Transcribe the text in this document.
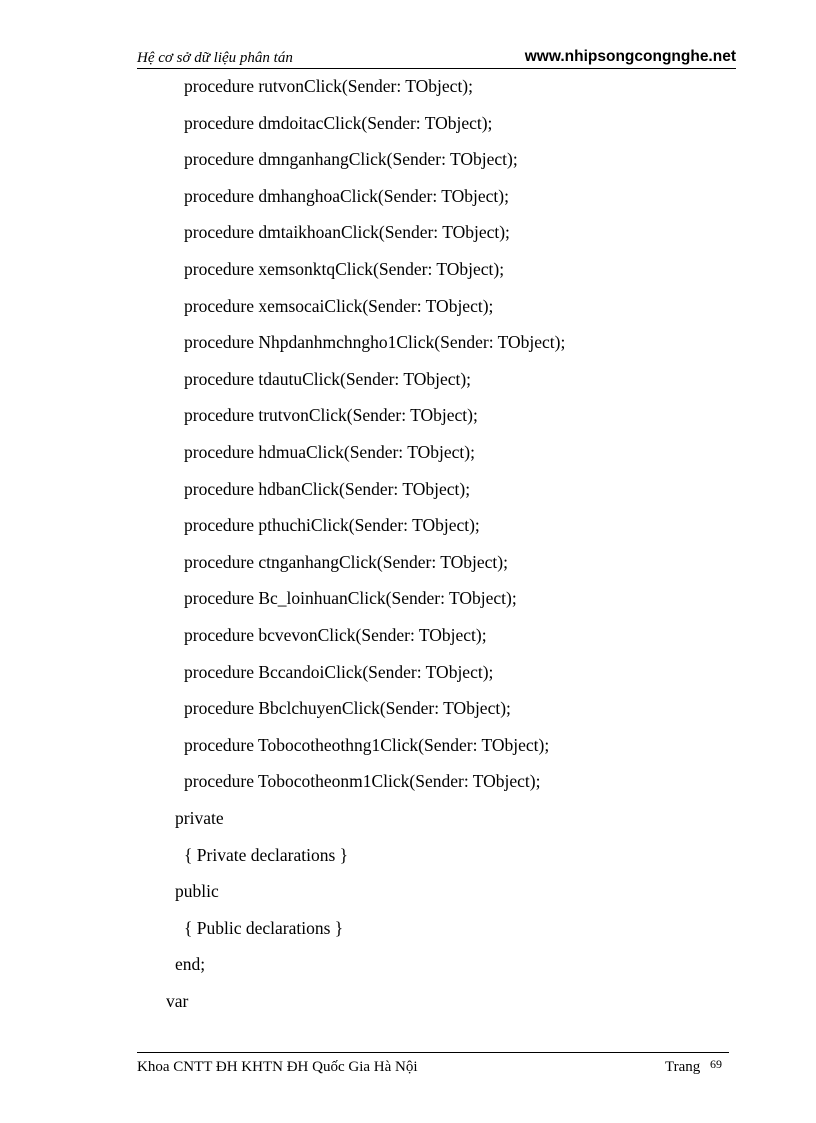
Hệ cơ sở dữ liệu phân tán	www.nhipsongcongnghe.net
procedure rutvonClick(Sender: TObject);
procedure dmdoitacClick(Sender: TObject);
procedure dmnganhangClick(Sender: TObject);
procedure dmhanghoaClick(Sender: TObject);
procedure dmtaikhoanClick(Sender: TObject);
procedure xemsonktqClick(Sender: TObject);
procedure xemsocaiClick(Sender: TObject);
procedure Nhpdanhmchngho1Click(Sender: TObject);
procedure tdautuClick(Sender: TObject);
procedure trutvonClick(Sender: TObject);
procedure hdmuaClick(Sender: TObject);
procedure hdbanClick(Sender: TObject);
procedure pthuchiClick(Sender: TObject);
procedure ctnganhangClick(Sender: TObject);
procedure Bc_loinhuanClick(Sender: TObject);
procedure bcvevonClick(Sender: TObject);
procedure BccandoiClick(Sender: TObject);
procedure BbclchuyenClick(Sender: TObject);
procedure Tobocotheothng1Click(Sender: TObject);
procedure Tobocotheonm1Click(Sender: TObject);
private
{ Private declarations }
public
{ Public declarations }
end;
var
Khoa CNTT ĐH KHTN ĐH Quốc Gia Hà Nội	Trang 69
